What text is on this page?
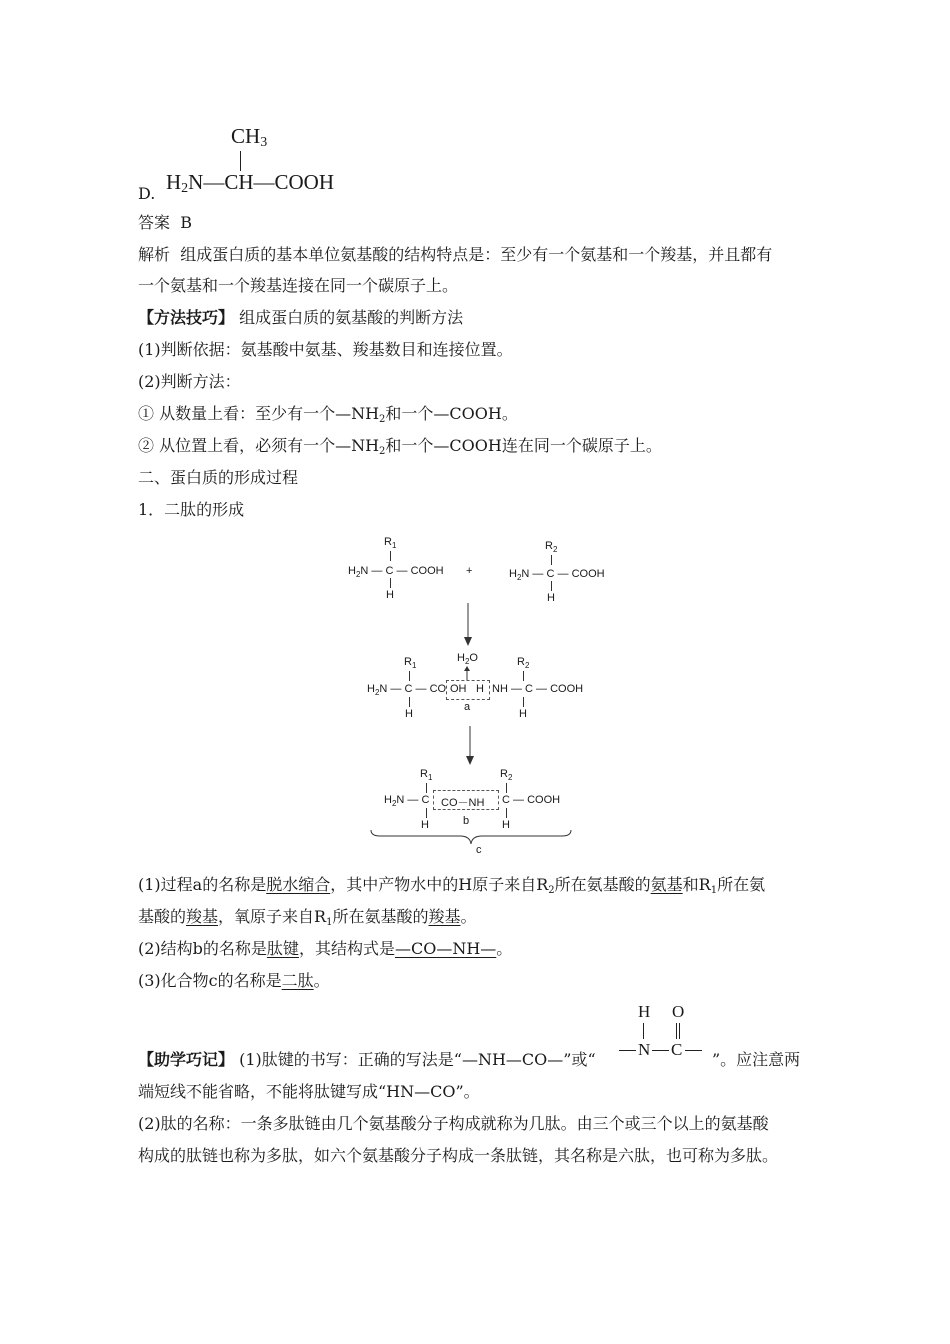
$CH_3$
D. $H_2N—CH—COOH$
答案 B
解析 组成蛋白质的基本单位氨基酸的结构特点是：至少有一个氨基和一个羧基，并且都有
一个氨基和一个羧基连接在同一个碳原子上。
【方法技巧】 组成蛋白质的氨基酸的判断方法
(1)判断依据：氨基酸中氨基、羧基数目和连接位置。
(2)判断方法：
① 从数量上看：至少有一个$—NH_2$和一个—COOH。
② 从位置上看，必须有一个$—NH_2$和一个—COOH连在同一个碳原子上。
二、蛋白质的形成过程
1．二肽的形成
$R_1$
$H_2N$ — C — COOH
H
+
$R_2$
$H_2N$ — C — COOH
H
$R_1$
$H_2O$	$R_2$
$H_2N$ — C — CO OH H NH — C — COOH
a
H	H
$R_1$	$R_2$
$H_2N$ — C CO－NH C — COOH
H	b	H
c
(1)过程a的名称是脱水缩合，其中产物水中的H原子来自$R_2$所在氨基酸的氨基和$R_1$所在氨
基酸的羧基，氧原子来自$R_1$所在氨基酸的羧基。
(2)结构b的名称是肽键，其结构式是—CO—NH—。
(3)化合物c的名称是二肽。
H O
N C
【助学巧记】 (1)肽键的书写：正确的写法是“—NH—CO—”或“	”。应注意两
端短线不能省略，不能将肽键写成“HN—CO”。
(2)肽的名称：一条多肽链由几个氨基酸分子构成就称为几肽。由三个或三个以上的氨基酸
构成的肽链也称为多肽，如六个氨基酸分子构成一条肽链，其名称是六肽，也可称为多肽。
